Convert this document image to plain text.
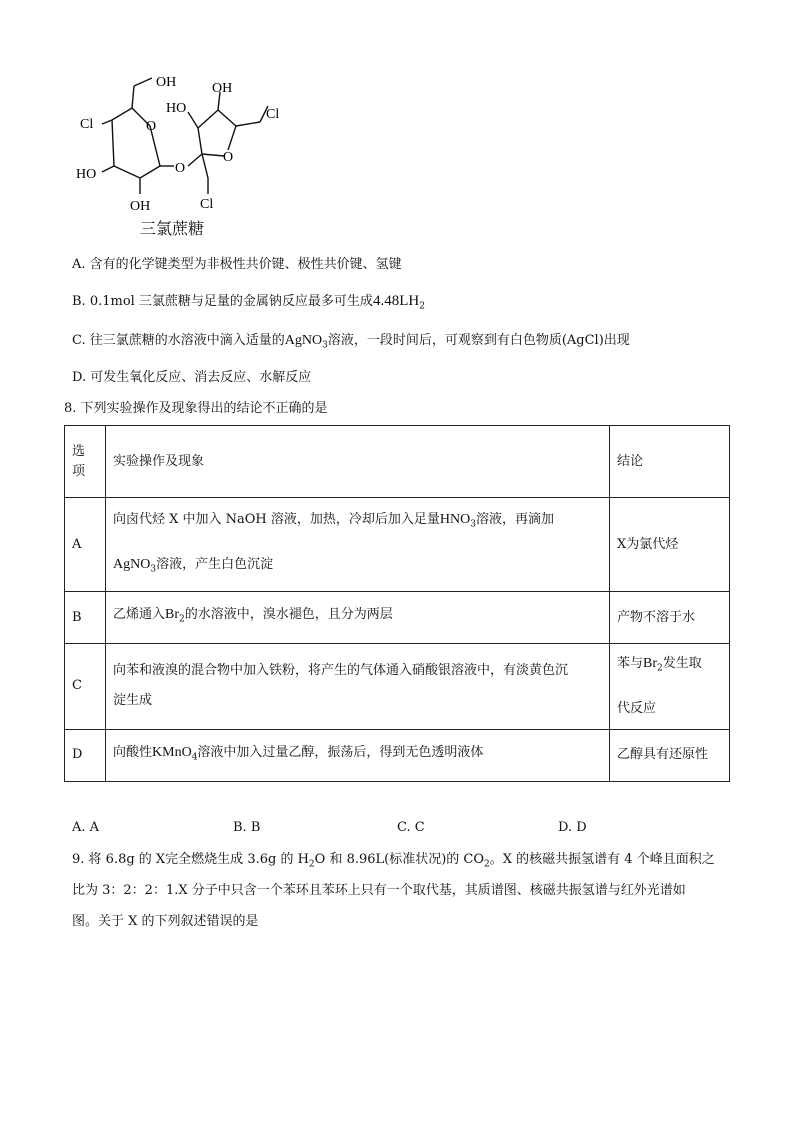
OH
Cl	O
HO
OH
O
HO
OH
O
Cl
Cl
三氯蔗糖
A. 含有的化学键类型为非极性共价键、极性共价键、氢键
B. 0.1mol 三氯蔗糖与足量的金属钠反应最多可生成$4.48LH_2$
C. 往三氯蔗糖的水溶液中滴入适量的AgNO$_3$溶液，一段时间后，可观察到有白色物质(AgCl)出现
D. 可发生氧化反应、消去反应、水解反应
8. 下列实验操作及现象得出的结论不正确的是
选
项	实验操作及现象	结论
A	向卤代烃 X 中加入 NaOH 溶液，加热，冷却后加入足量$HNO_3$溶液，再滴加
AgNO$_3$溶液，产生白色沉淀	X为氯代烃
B	乙烯通入$Br_2$的水溶液中，溴水褪色，且分为两层	产物不溶于水
C	向苯和液溴的混合物中加入铁粉，将产生的气体通入硝酸银溶液中，有淡黄色沉
淀生成	苯与$Br_2$发生取
代反应
D	向酸性KMnO$_4$溶液中加入过量乙醇，振荡后，得到无色透明液体	乙醇具有还原性
A. A	B. B	C. C	D. D
9. 将 6.8g 的 X完全燃烧生成 3.6g 的 $H_2O$ 和 8.96L(标准状况)的 $CO_2$。X 的核磁共振氢谱有 4 个峰且面积之
比为 3：2：2：1.X 分子中只含一个苯环且苯环上只有一个取代基，其质谱图、核磁共振氢谱与红外光谱如
图。关于 X 的下列叙述错误的是
